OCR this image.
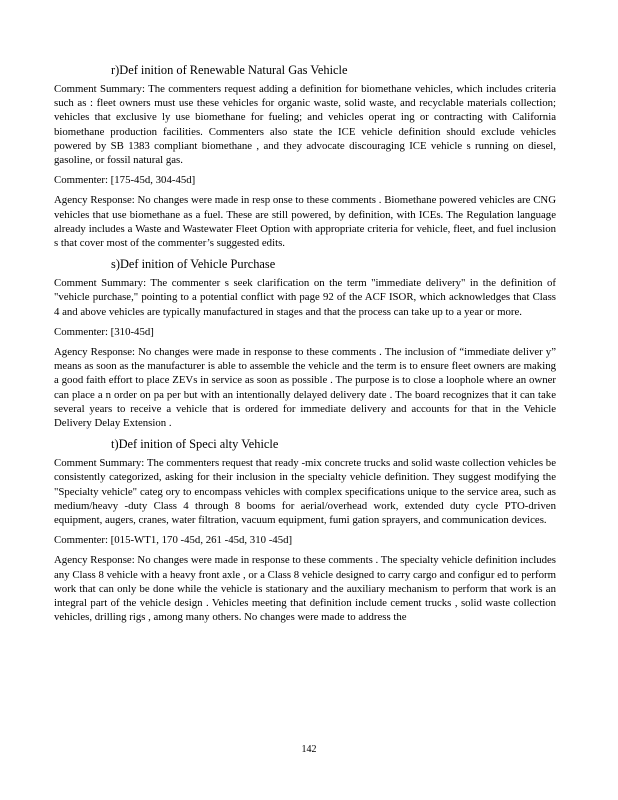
r)Def inition of Renewable Natural Gas Vehicle

Comment Summary: The commenters request adding a definition for biomethane vehicles, which includes criteria such as : fleet owners must use these vehicles for organic waste, solid waste, and recyclable materials collection; vehicles that exclusive ly use biomethane for fueling; and vehicles operat ing or contracting with California biomethane production facilities. Commenters also state the ICE vehicle definition should exclude vehicles powered by SB 1383 compliant biomethane , and they advocate discouraging ICE vehicle s running on diesel, gasoline, or fossil natural gas.

Commenter: [175-45d, 304-45d]

Agency Response: No changes were made in resp onse to these comments . Biomethane powered vehicles are CNG vehicles that use biomethane as a fuel. These are still powered, by definition, with ICEs. The Regulation language already includes a Waste and Wastewater Fleet Option with appropriate criteria for vehicle, fleet, and fuel inclusion s that cover most of the commenter’s suggested edits.

s)Def inition of Vehicle Purchase

Comment Summary: The commenter s seek clarification on the term "immediate delivery" in the definition of "vehicle purchase," pointing to a potential conflict with page 92 of the ACF ISOR, which acknowledges that Class 4 and above vehicles are typically manufactured in stages and that the process can take up to a year or more.

Commenter: [310-45d]

Agency Response: No changes were made in response to these comments . The inclusion of “immediate deliver y” means as soon as the manufacturer is able to assemble the vehicle and the term is to ensure fleet owners are making a good faith effort to place ZEVs in service as soon as possible . The purpose is to close a loophole where an owner can place a n order on pa per but with an intentionally delayed delivery date . The board recognizes that it can take several years to receive a vehicle that is ordered for immediate delivery and accounts for that in the Vehicle Delivery Delay Extension .

t)Def inition of Speci alty Vehicle

Comment Summary: The commenters request that ready -mix concrete trucks and solid waste collection vehicles be consistently categorized, asking for their inclusion in the specialty vehicle definition. They suggest modifying the "Specialty vehicle" categ ory to encompass vehicles with complex specifications unique to the service area, such as medium/heavy -duty Class 4 through 8 booms for aerial/overhead work, extended duty cycle PTO-driven equipment, augers, cranes, water filtration, vacuum equipment, fumi gation sprayers, and communication devices.

Commenter: [015-WT1, 170 -45d, 261 -45d, 310 -45d]

Agency Response: No changes were made in response to these comments . The specialty vehicle definition includes any Class 8 vehicle with a heavy front axle , or a Class 8 vehicle designed to carry cargo and configur ed to perform work that can only be done while the vehicle is stationary and the auxiliary mechanism to perform that work is an integral part of the vehicle design . Vehicles meeting that definition include cement trucks , solid waste collection vehicles, drilling rigs , among many others. No changes were made to address the

142
